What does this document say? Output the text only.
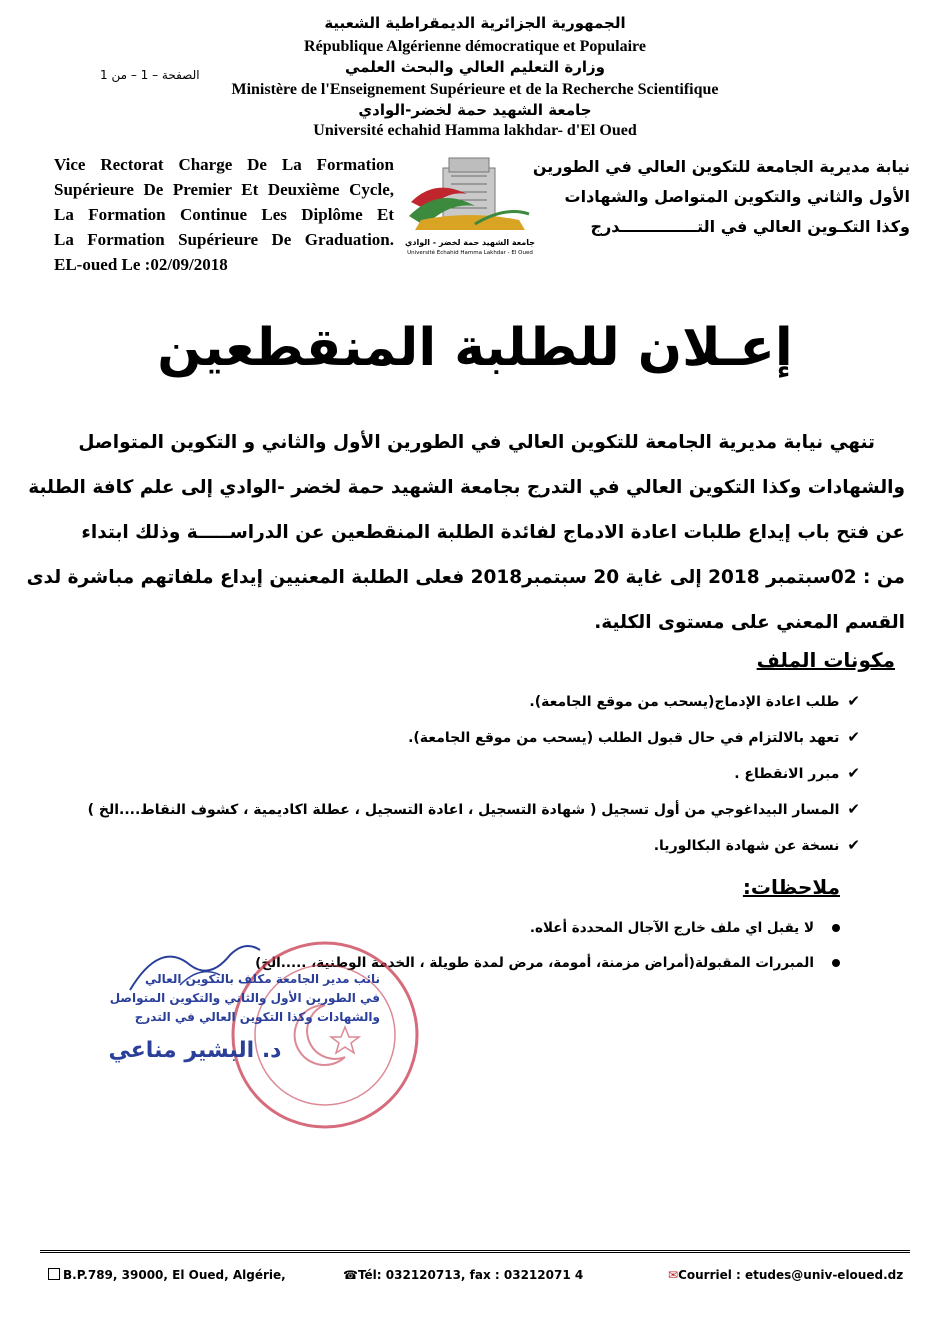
الجمهورية الجزائرية الديمقراطية الشعبية
République Algérienne démocratique et Populaire
وزارة التعليم العالي والبحث العلمي
Ministère de l'Enseignement Supérieure et de la Recherche Scientifique
جامعة الشهيد حمة لخضر-الوادي
Université echahid Hamma lakhdar- d'El Oued
الصفحة – 1 – من 1
Vice Rectorat Charge De La Formation
Supérieure De Premier Et Deuxième Cycle,
La Formation Continue Les Diplôme Et
La Formation Supérieure De Graduation.
EL-oued Le :02/09/2018
جامعة الشهيد حمة لخضر - الوادي
Université Echahid Hamma Lakhdar - El Oued
نيابة مديرية الجامعة للتكوين العالي في الطورين
الأول والثاني والتكوين المتواصل والشهادات
وكذا التكـوين العالي في التــــــــــــــدرج
إعـلان للطلبة المنقطعين
تنهي نيابة مديرية الجامعة للتكوين العالي في الطورين الأول والثاني و التكوين المتواصل
والشهادات وكذا التكوين العالي في التدرج بجامعة الشهيد حمة لخضر -الوادي إلى علم كافة الطلبة
عن فتح باب إيداع طلبات اعادة الادماج لفائدة الطلبة المنقطعين عن الدراســـــة وذلك ابتداء
من : 02سبتمبر 2018 إلى غاية 20 سبتمبر2018 فعلى الطلبة المعنيين إيداع ملفاتهم مباشرة لدى
القسم المعني على مستوى الكلية.
مكونات الملف
✔طلب اعادة الإدماج(يسحب من موقع الجامعة).
✔تعهد بالالتزام في حال قبول الطلب (يسحب من موقع الجامعة).
✔مبرر الانقطاع .
✔المسار البيداغوجي من أول تسجيل ( شهادة التسجيل ، اعادة التسجيل ، عطلة اكاديمية ، كشوف النقاط....الخ )
✔نسخة عن شهادة البكالوريا.
ملاحظات:
لا يقبل اي ملف خارج الآجال المحددة أعلاه.
المبررات المقبولة(أمراض مزمنة، أمومة، مرض لمدة طويلة ، الخدمة الوطنية، .....الخ)
نائب مدير الجامعة مكلف بالتكوين العالي
في الطورين الأول والثاني والتكوين المتواصل
والشهادات وكذا التكوين العالي في التدرج
د. البشير مناعي
B.P.789, 39000, El Oued, Algérie,	☎Tél: 032120713, fax : 03212071 4	✉Courriel : etudes@univ-eloued.dz
